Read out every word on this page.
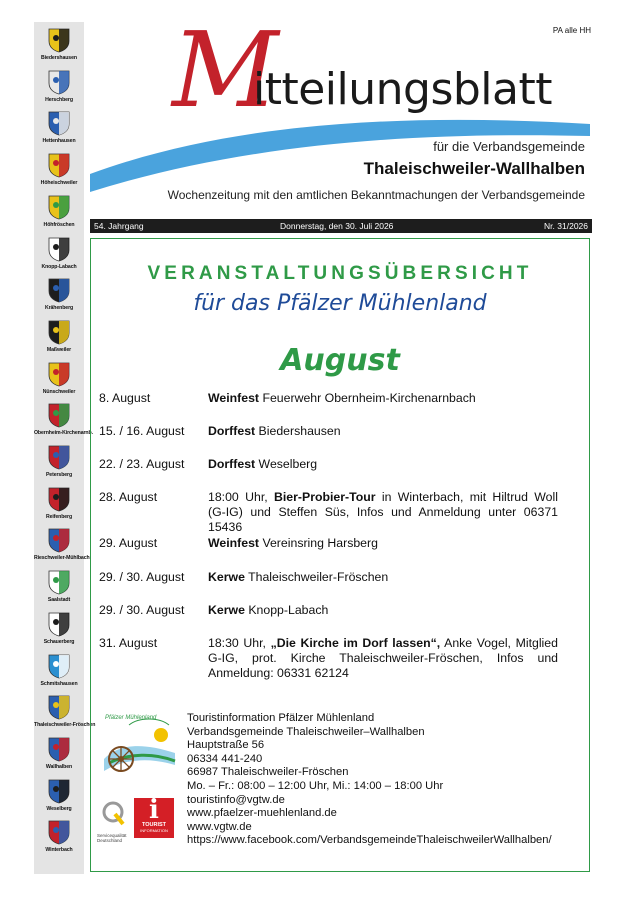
Biedershausen
Herschberg
Hettenhausen
Höheischweiler
Höhfröschen
Knopp-Labach
Krähenberg
Maßweiler
Nünschweiler
Obernheim-Kirchenarnb.
Petersberg
Reifenberg
Rieschweiler-Mühlbach
Saalstadt
Schauerberg
Schmitshausen
Thaleischweiler-Fröschen
Wallhalben
Weselberg
Winterbach
PA alle HH
M
itteilungsblatt
für die Verbandsgemeinde
Thaleischweiler-Wallhalben
Wochenzeitung mit den amtlichen Bekanntmachungen der Verbandsgemeinde
54. Jahrgang	Donnerstag, den 30. Juli 2026	Nr. 31/2026
VERANSTALTUNGSÜBERSICHT
für das Pfälzer Mühlenland
August
8. August	Weinfest Feuerwehr Obernheim-Kirchenarnbach
15. / 16. August	Dorffest Biedershausen
22. / 23. August	Dorffest Weselberg
28. August	18:00 Uhr, Bier-Probier-Tour in Winterbach, mit Hiltrud Woll (G-IG) und Steffen Süs, Infos und Anmeldung unter 06371 15436
29. August	Weinfest Vereinsring Harsberg
29. / 30. August	Kerwe Thaleischweiler-Fröschen
29. / 30. August	Kerwe Knopp-Labach
31. August	18:30 Uhr, „Die Kirche im Dorf lassen“, Anke Vogel, Mitglied G-IG, prot. Kirche Thaleischweiler-Fröschen, Infos und Anmeldung: 06331 62124
Pfälzer Mühlenland
Servicequalität Deutschland
i
TOURIST
INFORMATION
Touristinformation Pfälzer Mühlenland
Verbandsgemeinde Thaleischweiler–Wallhalben
Hauptstraße 56
06334 441-240
66987 Thaleischweiler-Fröschen
Mo. – Fr.: 08:00 – 12:00 Uhr, Mi.: 14:00 – 18:00 Uhr
touristinfo@vgtw.de
www.pfaelzer-muehlenland.de
www.vgtw.de
https://www.facebook.com/VerbandsgemeindeThaleischweilerWallhalben/
